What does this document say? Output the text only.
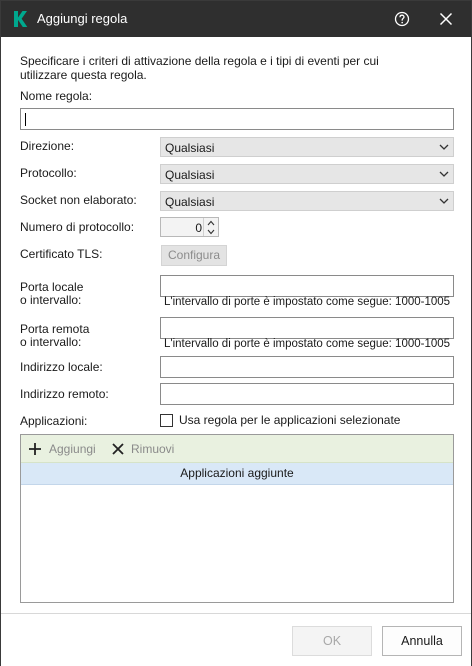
Aggiungi regola
Specificare i criteri di attivazione della regola e i tipi di eventi per cui utilizzare questa regola.
Nome regola:
Direzione:	Qualsiasi
Protocollo:	Qualsiasi
Socket non elaborato: Qualsiasi
Numero di protocollo:	0
Certificato TLS:	Configura
Porta locale
o intervallo:	L'intervallo di porte è impostato come segue: 1000-1005
Porta remota
o intervallo:	L'intervallo di porte è impostato come segue: 1000-1005
Indirizzo locale:
Indirizzo remoto:
Applicazioni:	Usa regola per le applicazioni selezionate
Aggiungi	Rimuovi
Applicazioni aggiunte
OK	Annulla
